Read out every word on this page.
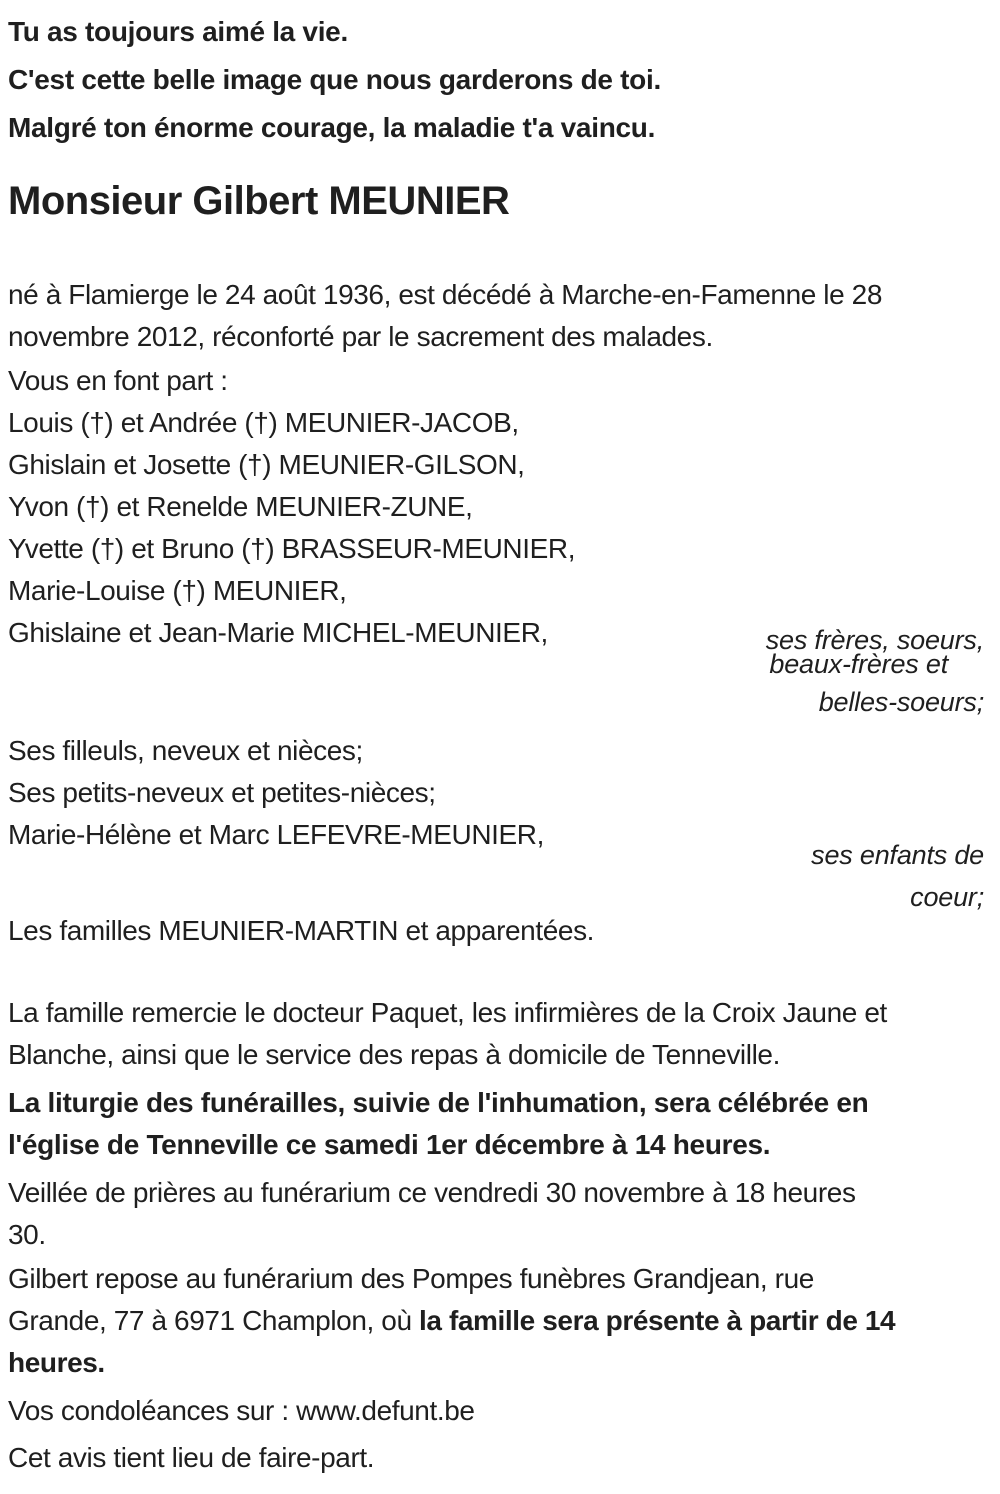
Tu as toujours aimé la vie.
C'est cette belle image que nous garderons de toi.
Malgré ton énorme courage, la maladie t'a vaincu.
Monsieur Gilbert MEUNIER
né à Flamierge le 24 août 1936, est décédé à Marche-en-Famenne le 28
novembre 2012, réconforté par le sacrement des malades.
Vous en font part :
Louis (†) et Andrée (†) MEUNIER-JACOB,
Ghislain et Josette (†) MEUNIER-GILSON,
Yvon (†) et Renelde MEUNIER-ZUNE,
Yvette (†) et Bruno (†) BRASSEUR-MEUNIER,
Marie-Louise (†) MEUNIER,
Ghislaine et Jean-Marie MICHEL-MEUNIER,	ses frères, soeurs,
beaux-frères et
belles-soeurs;
Ses filleuls, neveux et nièces;
Ses petits-neveux et petites-nièces;
Marie-Hélène et Marc LEFEVRE-MEUNIER,
ses enfants de
coeur;
Les familles MEUNIER-MARTIN et apparentées.
La famille remercie le docteur Paquet, les infirmières de la Croix Jaune et
Blanche, ainsi que le service des repas à domicile de Tenneville.
La liturgie des funérailles, suivie de l'inhumation, sera célébrée en
l'église de Tenneville ce samedi 1er décembre à 14 heures.
Veillée de prières au funérarium ce vendredi 30 novembre à 18 heures
30.
Gilbert repose au funérarium des Pompes funèbres Grandjean, rue
Grande, 77 à 6971 Champlon, où la famille sera présente à partir de 14
heures.
Vos condoléances sur : www.defunt.be
Cet avis tient lieu de faire-part.
